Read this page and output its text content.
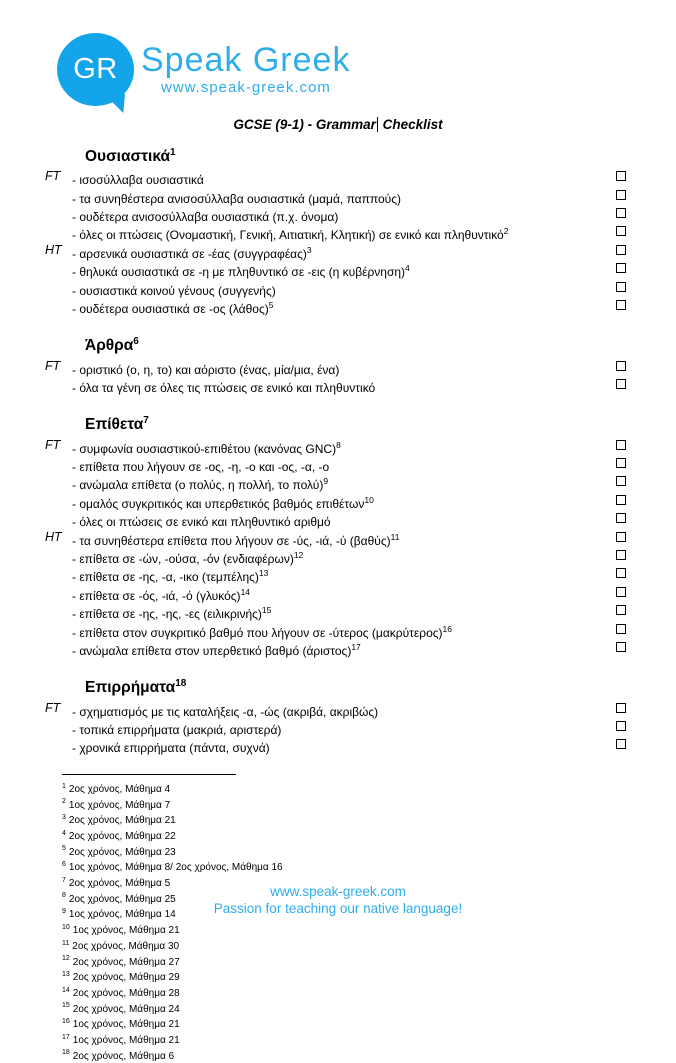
GR Speak Greek
www.speak-greek.com
GCSE (9-1) - Grammar Checklist
Ουσιαστικά$^1$
FT - ισοσύλλαβα ουσιαστικά
- τα συνηθέστερα ανισοσύλλαβα ουσιαστικά (μαμά, παππούς)
- ουδέτερα ανισοσύλλαβα ουσιαστικά (π.χ. όνομα)
- όλες οι πτώσεις (Ονομαστική, Γενική, Αιτιατική, Κλητική) σε ενικό και πληθυντικό$^2$
HT - αρσενικά ουσιαστικά σε -έας $(\sigma\upsilon\gamma\gamma\rho\alpha\varphi έ\alpha\varsigma)^3$
- θηλυκά ουσιαστικά σε -η με πληθυντικό σε -εις (η κυβέρνηση)$^4$
- ουσιαστικά κοινού γένους (συγγενής)
- ουδέτερα ουσιαστικά σε -ος $(\lambda ά\theta o\varsigma)^5$
Άρθρα$^6$
FT - οριστικό (ο, η, το) και αόριστο (ένας, μία/μια, ένα)
- όλα τα γένη σε όλες τις πτώσεις σε ενικό και πληθυντικό
Επίθετα$^7$
FT - συμφωνία ουσιαστικού-επιθέτου (κανόνας GNC)$^8$
- επίθετα που λήγουν σε -ος, -η, -ο και -ος, -α, -ο
- ανώμαλα επίθετα (ο πολύς, η πολλή, το πολύ)$^9$
- ομαλός συγκριτικός και υπερθετικός βαθμός επιθέτων$^{10}$
- όλες οι πτώσεις σε ενικό και πληθυντικό αριθμό
HT - τα συνηθέστερα επίθετα που λήγουν σε -ύς, -ιά, -ύ $(\beta\alpha\theta ύ\varsigma)^{11}$
- επίθετα σε -ών, -ούσα, -όν $(\varepsilon\nu\delta\iota\alpha\varphi έ\rho\omega\nu)^{12}$
- επίθετα σε -ης, -α, -ικο $(\tau\varepsilon\mu\pi έ\lambda\eta\varsigma)^{13}$
- επίθετα σε -ός, -ιά, -ό $(\gamma\lambda\upsilon\kappa ό\varsigma)^{14}$
- επίθετα σε -ης, -ης, -ες $(\varepsilon\iota\lambda\iota\kappa\rho\iota\nu ή\varsigma)^{15}$
- επίθετα στον συγκριτικό βαθμό που λήγουν σε -ύτερος $(\mu\alpha\kappa\rho ύ\tau\varepsilon\rho o\varsigma)^{16}$
- ανώμαλα επίθετα στον υπερθετικό βαθμό $(ά\rho\iota\sigma\tau o\varsigma)^{17}$
Επιρρήματα$^{18}$
FT - σχηματισμός με τις καταλήξεις -α, -ώς (ακριβά, ακριβώς)
- τοπικά επιρρήματα (μακριά, αριστερά)
- χρονικά επιρρήματα (πάντα, συχνά)
$^1$ 2ος χρόνος, Μάθημα 4
$^2$ 1ος χρόνος, Μάθημα 7
$^3$ 2ος χρόνος, Μάθημα 21
$^4$ 2ος χρόνος, Μάθημα 22
$^5$ 2ος χρόνος, Μάθημα 23
$^6$ 1ος χρόνος, Μάθημα 8/ 2ος χρόνος, Μάθημα 16
$^7$ 2ος χρόνος, Μάθημα 5
$^8$ 2ος χρόνος, Μάθημα 25
$^9$ 1ος χρόνος, Μάθημα 14
$^{10}$ 1ος χρόνος, Μάθημα 21
$^{11}$ 2ος χρόνος, Μάθημα 30
$^{12}$ 2ος χρόνος, Μάθημα 27
$^{13}$ 2ος χρόνος, Μάθημα 29
$^{14}$ 2ος χρόνος, Μάθημα 28
$^{15}$ 2ος χρόνος, Μάθημα 24
$^{16}$ 1ος χρόνος, Μάθημα 21
$^{17}$ 1ος χρόνος, Μάθημα 21
$^{18}$ 2ος χρόνος, Μάθημα 6
www.speak-greek.com
Passion for teaching our native language!
